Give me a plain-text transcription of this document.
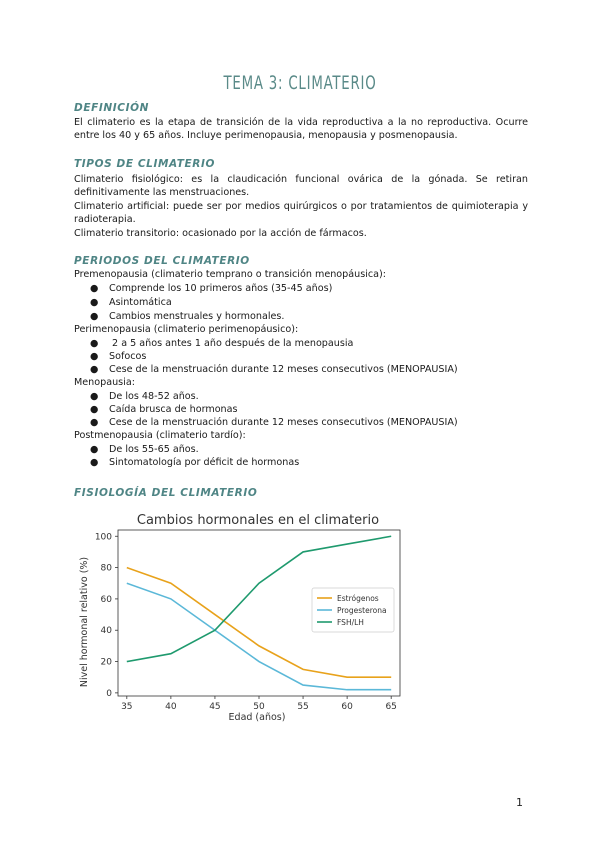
TEMA 3: CLIMATERIO
DEFINICIÓN
El climaterio es la etapa de transición de la vida reproductiva a la no reproductiva. Ocurre entre los 40 y 65 años. Incluye perimenopausia, menopausia y posmenopausia.
TIPOS DE CLIMATERIO
Climaterio fisiológico: es la claudicación funcional ovárica de la gónada. Se retiran definitivamente las menstruaciones.
Climaterio artificial: puede ser por medios quirúrgicos o por tratamientos de quimioterapia y radioterapia.
Climaterio transitorio: ocasionado por la acción de fármacos.
PERIODOS DEL CLIMATERIO
Premenopausia (climaterio temprano o transición menopáusica):
● Comprende los 10 primeros años (35-45 años)
● Asintomática
● Cambios menstruales y hormonales.
Perimenopausia (climaterio perimenopáusico):
● 2 a 5 años antes 1 año después de la menopausia
● Sofocos
● Cese de la menstruación durante 12 meses consecutivos (MENOPAUSIA)
Menopausia:
● De los 48-52 años.
● Caída brusca de hormonas
● Cese de la menstruación durante 12 meses consecutivos (MENOPAUSIA)
Postmenopausia (climaterio tardío):
● De los 55-65 años.
● Sintomatología por déficit de hormonas
FISIOLOGÍA DEL CLIMATERIO
Cambios hormonales en el climaterio
Nivel hormonal relativo (%)
Edad (años)
0
20
40
60
80
100
35	40	45	50	55	60	65
Estrógenos
Progesterona
FSH/LH
1
